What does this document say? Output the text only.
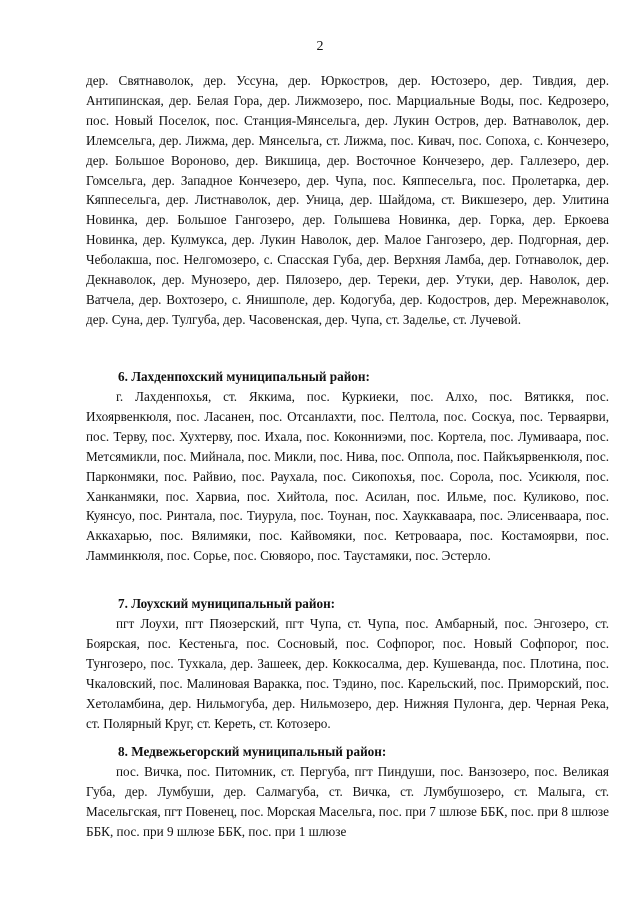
2

дер. Святнаволок, дер. Уссуна, дер. Юркостров, дер. Юстозеро, дер. Тивдия, дер. Антипинская, дер. Белая Гора, дер. Лижмозеро, пос. Марциальные Воды, пос. Кедрозеро, пос. Новый Поселок, пос. Станция-Мянсельга, дер. Лукин Остров, дер. Ватнаволок, дер. Илемсельга, дер. Лижма, дер. Мянсельга, ст. Лижма, пос. Кивач, пос. Сопоха, с. Кончезеро, дер. Большое Вороново, дер. Викшица, дер. Восточное Кончезеро, дер. Галлезеро, дер. Гомсельга, дер. Западное Кончезеро, дер. Чупа, пос. Кяппесельга, пос. Пролетарка, дер. Кяппесельга, дер. Листнаволок, дер. Уница, дер. Шайдома, ст. Викшезеро, дер. Улитина Новинка, дер. Большое Гангозеро, дер. Голышева Новинка, дер. Горка, дер. Еркоева Новинка, дер. Кулмукса, дер. Лукин Наволок, дер. Малое Гангозеро, дер. Подгорная, дер. Чеболакша, пос. Нелгомозеро, с. Спасская Губа, дер. Верхняя Ламба, дер. Готнаволок, дер. Декнаволок, дер. Мунозеро, дер. Пялозеро, дер. Тереки, дер. Утуки, дер. Наволок, дер. Ватчела, дер. Вохтозеро, с. Янишполе, дер. Кодогуба, дер. Кодостров, дер. Мережнаволок, дер. Суна, дер. Тулгуба, дер. Часовенская, дер. Чупа, ст. Заделье, ст. Лучевой.

6. Лахденпохский муниципальный район:

г. Лахденпохья, ст. Яккима, пос. Куркиеки, пос. Алхо, пос. Вятиккя, пос. Ихоярвенкюля, пос. Ласанен, пос. Отсанлахти, пос. Пелтола, пос. Соскуа, пос. Терваярви, пос. Терву, пос. Хухтерву, пос. Ихала, пос. Коконниэми, пос. Кортела, пос. Лумиваара, пос. Метсямикли, пос. Мийнала, пос. Микли, пос. Нива, пос. Оппола, пос. Пайкъярвенкюля, пос. Парконмяки, пос. Райвио, пос. Раухала, пос. Сикопохья, пос. Сорола, пос. Усикюля, пос. Ханканмяки, пос. Харвиа, пос. Хийтола, пос. Асилан, пос. Ильме, пос. Куликово, пос. Куянсуо, пос. Ринтала, пос. Тиурула, пос. Тоунан, пос. Хауккавaара, пос. Элисенваара, пос. Аккахарью, пос. Вялимяки, пос. Кайвомяки, пос. Кетроваара, пос. Костамоярви, пос. Ламминкюля, пос. Сорье, пос. Сювяоро, пос. Таустамяки, пос. Эстерло.

7. Лоухский муниципальный район:

пгт Лоухи, пгт Пяозерский, пгт Чупа, ст. Чупа, пос. Амбарный, пос. Энгозеро, ст. Боярская, пос. Кестеньга, пос. Сосновый, пос. Софпорог, пос. Новый Софпорог, пос. Тунгозеро, пос. Тухкала, дер. Зашеек, дер. Коккосалма, дер. Кушеванда, пос. Плотина, пос. Чкаловский, пос. Малиновая Варакка, пос. Тэдино, пос. Карельский, пос. Приморский, пос. Хетоламбина, дер. Нильмогуба, дер. Нильмозеро, дер. Нижняя Пулонга, дер. Черная Река, ст. Полярный Круг, ст. Кереть, ст. Котозеро.

8. Медвежьегорский муниципальный район:

пос. Вичка, пос. Питомник, ст. Пергуба, пгт Пиндуши, пос. Ванзозеро, пос. Великая Губа, дер. Лумбуши, дер. Салмагуба, ст. Вичка, ст. Лумбушозеро, ст. Малыга, ст. Масельгская, пгт Повенец, пос. Морская Масельга, пос. при 7 шлюзе ББК, пос. при 8 шлюзе ББК, пос. при 9 шлюзе ББК, пос. при 1 шлюзе
